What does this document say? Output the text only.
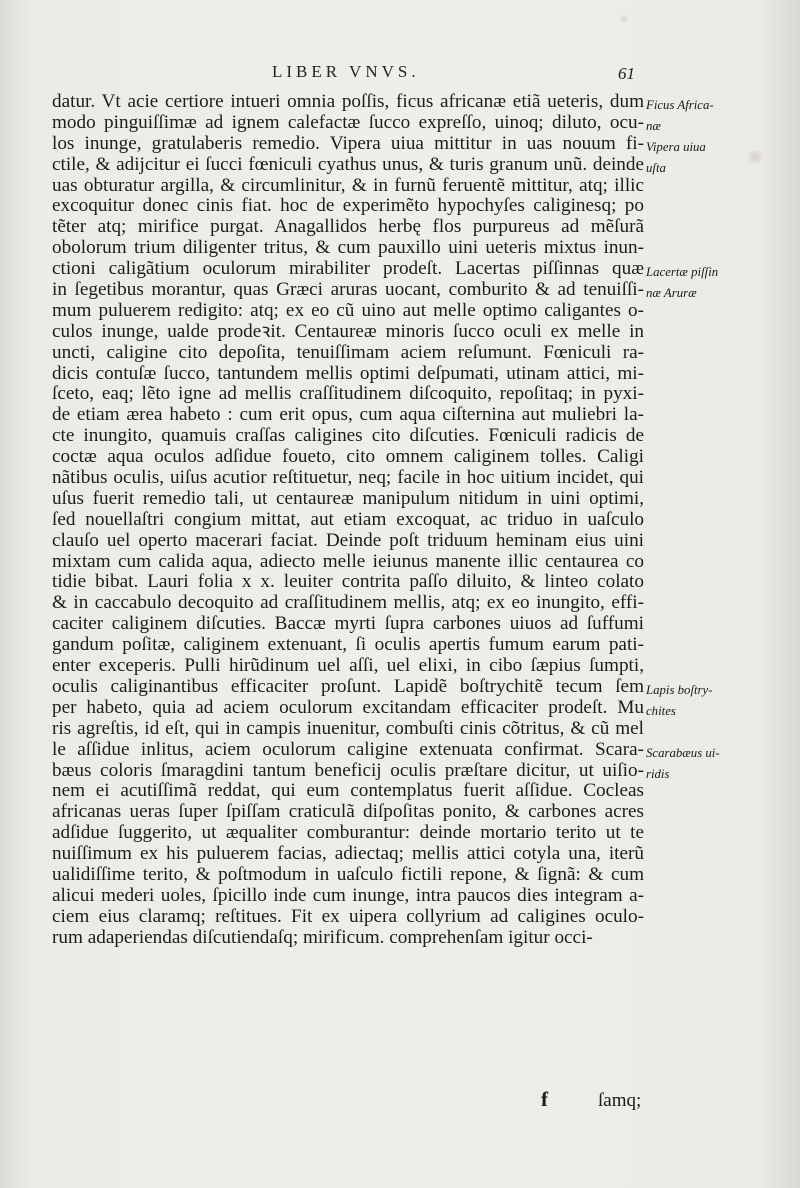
LIBER VNVS.	61
datur. Vt acie certiore intueri omnia poſſis, ficus africanæ etiã ueteris, dum
modo pinguiſſimæ ad ignem calefactæ ſucco expreſſo, uinoq; diluto, ocu-
los inunge, gratulaberis remedio. Vipera uiua mittitur in uas nouum fi-
ctile, & adijcitur ei ſucci fœniculi cyathus unus, & turis granum unũ. deinde
uas obturatur argilla, & circumlinitur, & in furnũ feruentẽ mittitur, atq; illic
excoquitur donec cinis fiat. hoc de experimẽto hypochyſes caliginesq; po
tẽter atq; mirifice purgat. Anagallidos herbę flos purpureus ad mẽſurã
obolorum trium diligenter tritus, & cum pauxillo uini ueteris mixtus inun-
ctioni caligãtium oculorum mirabiliter prodeſt. Lacertas piſſinnas quæ
in ſegetibus morantur, quas Græci aruras uocant, comburito & ad tenuiſſi-
mum puluerem redigito: atq; ex eo cũ uino aut melle optimo caligantes o-
culos inunge, ualde prodeꝛit. Centaureæ minoris ſucco oculi ex melle in
uncti, caligine cito depoſita, tenuiſſimam aciem reſumunt. Fœniculi ra-
dicis contuſæ ſucco, tantundem mellis optimi deſpumati, utinam attici, mi-
ſceto, eaq; lẽto igne ad mellis craſſitudinem diſcoquito, repoſitaq; in pyxi-
de etiam ærea habeto : cum erit opus, cum aqua ciſternina aut muliebri la-
cte inungito, quamuis craſſas caligines cito diſcuties. Fœniculi radicis de
coctæ aqua oculos adſidue foueto, cito omnem caliginem tolles. Caligi
nãtibus oculis, uiſus acutior reſtituetur, neq; facile in hoc uitium incidet, qui
uſus fuerit remedio tali, ut centaureæ manipulum nitidum in uini optimi,
ſed nouellaſtri congium mittat, aut etiam excoquat, ac triduo in uaſculo
clauſo uel operto macerari faciat. Deinde poſt triduum heminam eius uini
mixtam cum calida aqua, adiecto melle ieiunus manente illic centaurea co
tidie bibat. Lauri folia x x. leuiter contrita paſſo diluito, & linteo colato
& in caccabulo decoquito ad craſſitudinem mellis, atq; ex eo inungito, effi-
caciter caliginem diſcuties. Baccæ myrti ſupra carbones uiuos ad ſuffumi
gandum poſitæ, caliginem extenuant, ſi oculis apertis fumum earum pati-
enter exceperis. Pulli hirũdinum uel aſſi, uel elixi, in cibo ſæpius ſumpti,
oculis caliginantibus efficaciter proſunt. Lapidẽ boſtrychitẽ tecum ſem
per habeto, quia ad aciem oculorum excitandam efficaciter prodeſt. Mu
ris agreſtis, id eſt, qui in campis inuenitur, combuſti cinis cõtritus, & cũ mel
le aſſidue inlitus, aciem oculorum caligine extenuata confirmat. Scara-
bæus coloris ſmaragdini tantum beneficij oculis præſtare dicitur, ut uiſio-
nem ei acutiſſimã reddat, qui eum contemplatus fuerit aſſidue. Cocleas
africanas ueras ſuper ſpiſſam craticulã diſpoſitas ponito, & carbones acres
adſidue ſuggerito, ut æqualiter comburantur: deinde mortario terito ut te
nuiſſimum ex his puluerem facias, adiectaq; mellis attici cotyla una, iterũ
ualidiſſime terito, & poſtmodum in uaſculo fictili repone, & ſignã: & cum
alicui mederi uoles, ſpicillo inde cum inunge, intra paucos dies integram a-
ciem eius claramq; reſtitues. Fit ex uipera collyrium ad caligines oculo-
rum adaperiendas diſcutiendaſq; mirificum. comprehenſam igitur occi-
Ficus Africa-
næ
Vipera uiua
uſta
Lacertæ piſſin
næ Aruræ
Lapis boſtry-
chites
Scarabæus ui-
ridis
f	ſamq;
